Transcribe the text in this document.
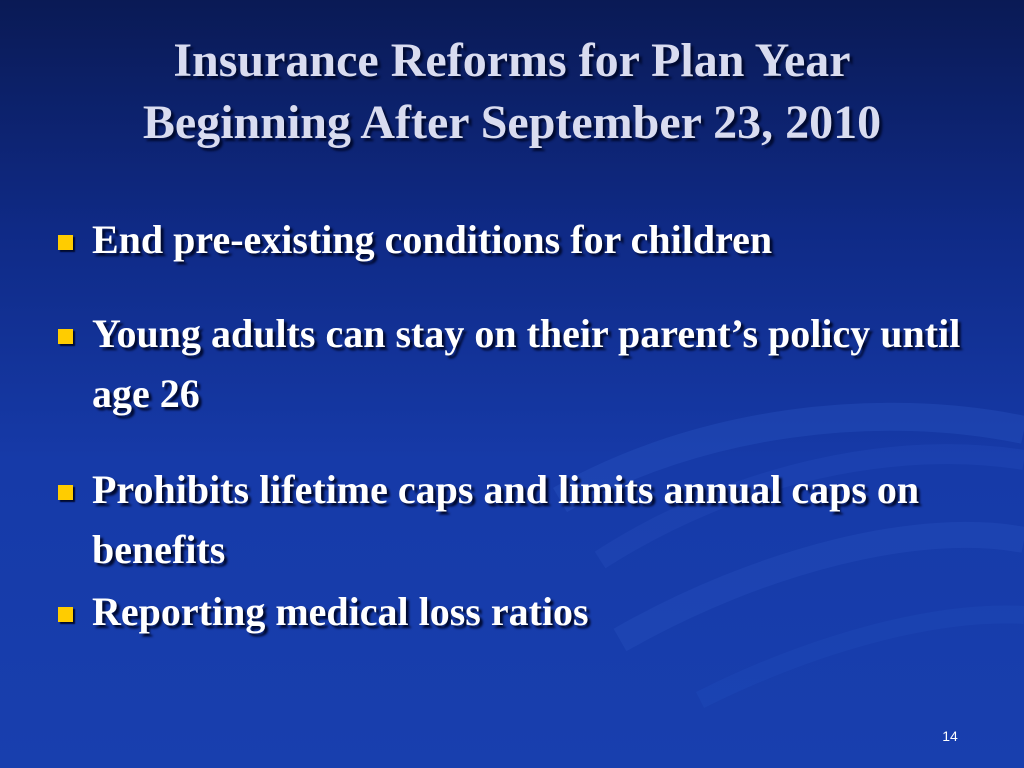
Insurance Reforms for Plan Year
Beginning After September 23, 2010
End pre-existing conditions for children
Young adults can stay on their parent’s policy until age 26
Prohibits lifetime caps and limits annual caps on benefits
Reporting medical loss ratios
14
